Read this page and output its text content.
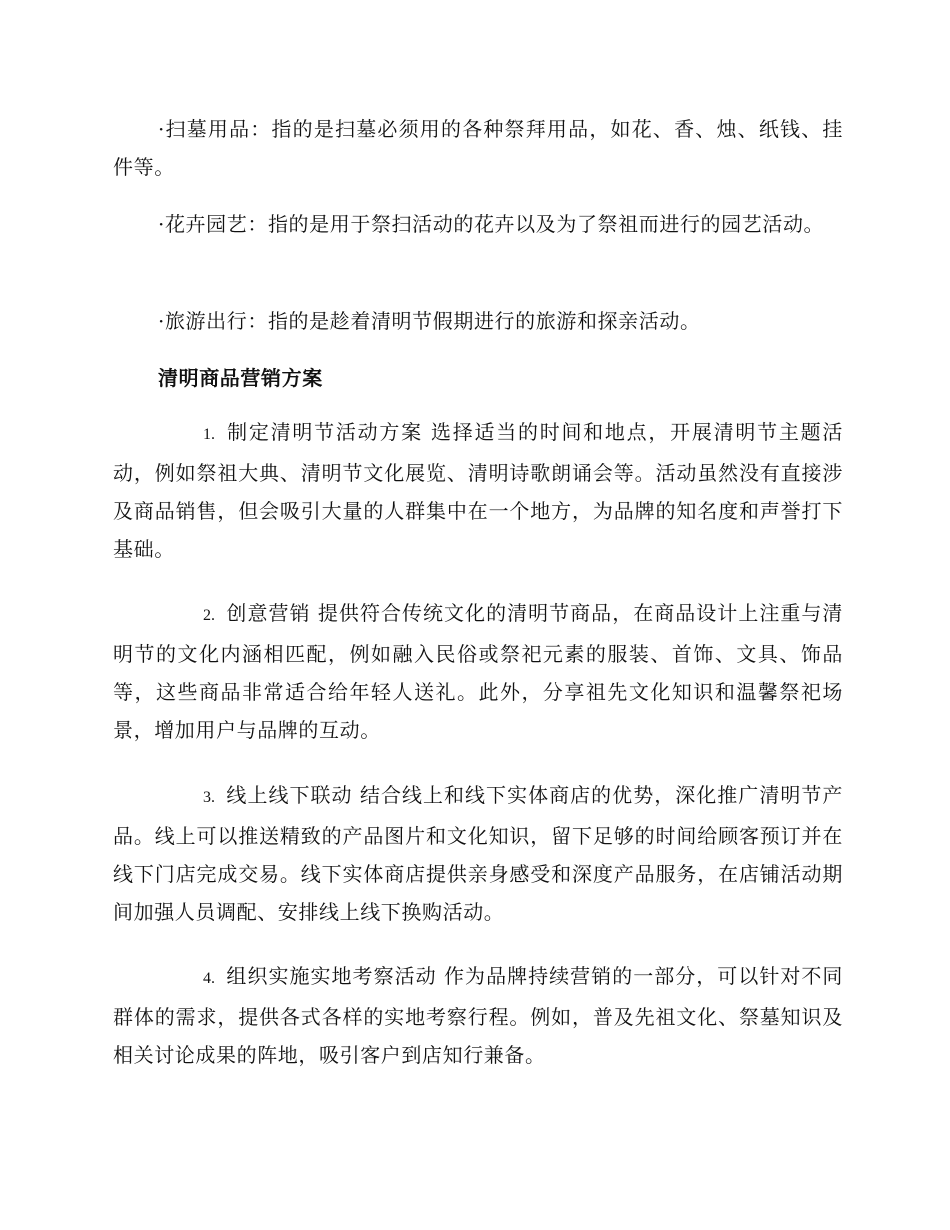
·扫墓用品：指的是扫墓必须用的各种祭拜用品，如花、香、烛、纸钱、挂件等。

·花卉园艺：指的是用于祭扫活动的花卉以及为了祭祖而进行的园艺活动。

·旅游出行：指的是趁着清明节假期进行的旅游和探亲活动。

清明商品营销方案

1. 制定清明节活动方案 选择适当的时间和地点，开展清明节主题活动，例如祭祖大典、清明节文化展览、清明诗歌朗诵会等。活动虽然没有直接涉及商品销售，但会吸引大量的人群集中在一个地方，为品牌的知名度和声誉打下基础。

2. 创意营销 提供符合传统文化的清明节商品，在商品设计上注重与清明节的文化内涵相匹配，例如融入民俗或祭祀元素的服装、首饰、文具、饰品等，这些商品非常适合给年轻人送礼。此外，分享祖先文化知识和温馨祭祀场景，增加用户与品牌的互动。

3. 线上线下联动 结合线上和线下实体商店的优势，深化推广清明节产品。线上可以推送精致的产品图片和文化知识，留下足够的时间给顾客预订并在线下门店完成交易。线下实体商店提供亲身感受和深度产品服务，在店铺活动期间加强人员调配、安排线上线下换购活动。

4. 组织实施实地考察活动 作为品牌持续营销的一部分，可以针对不同群体的需求，提供各式各样的实地考察行程。例如，普及先祖文化、祭墓知识及相关讨论成果的阵地，吸引客户到店知行兼备。
